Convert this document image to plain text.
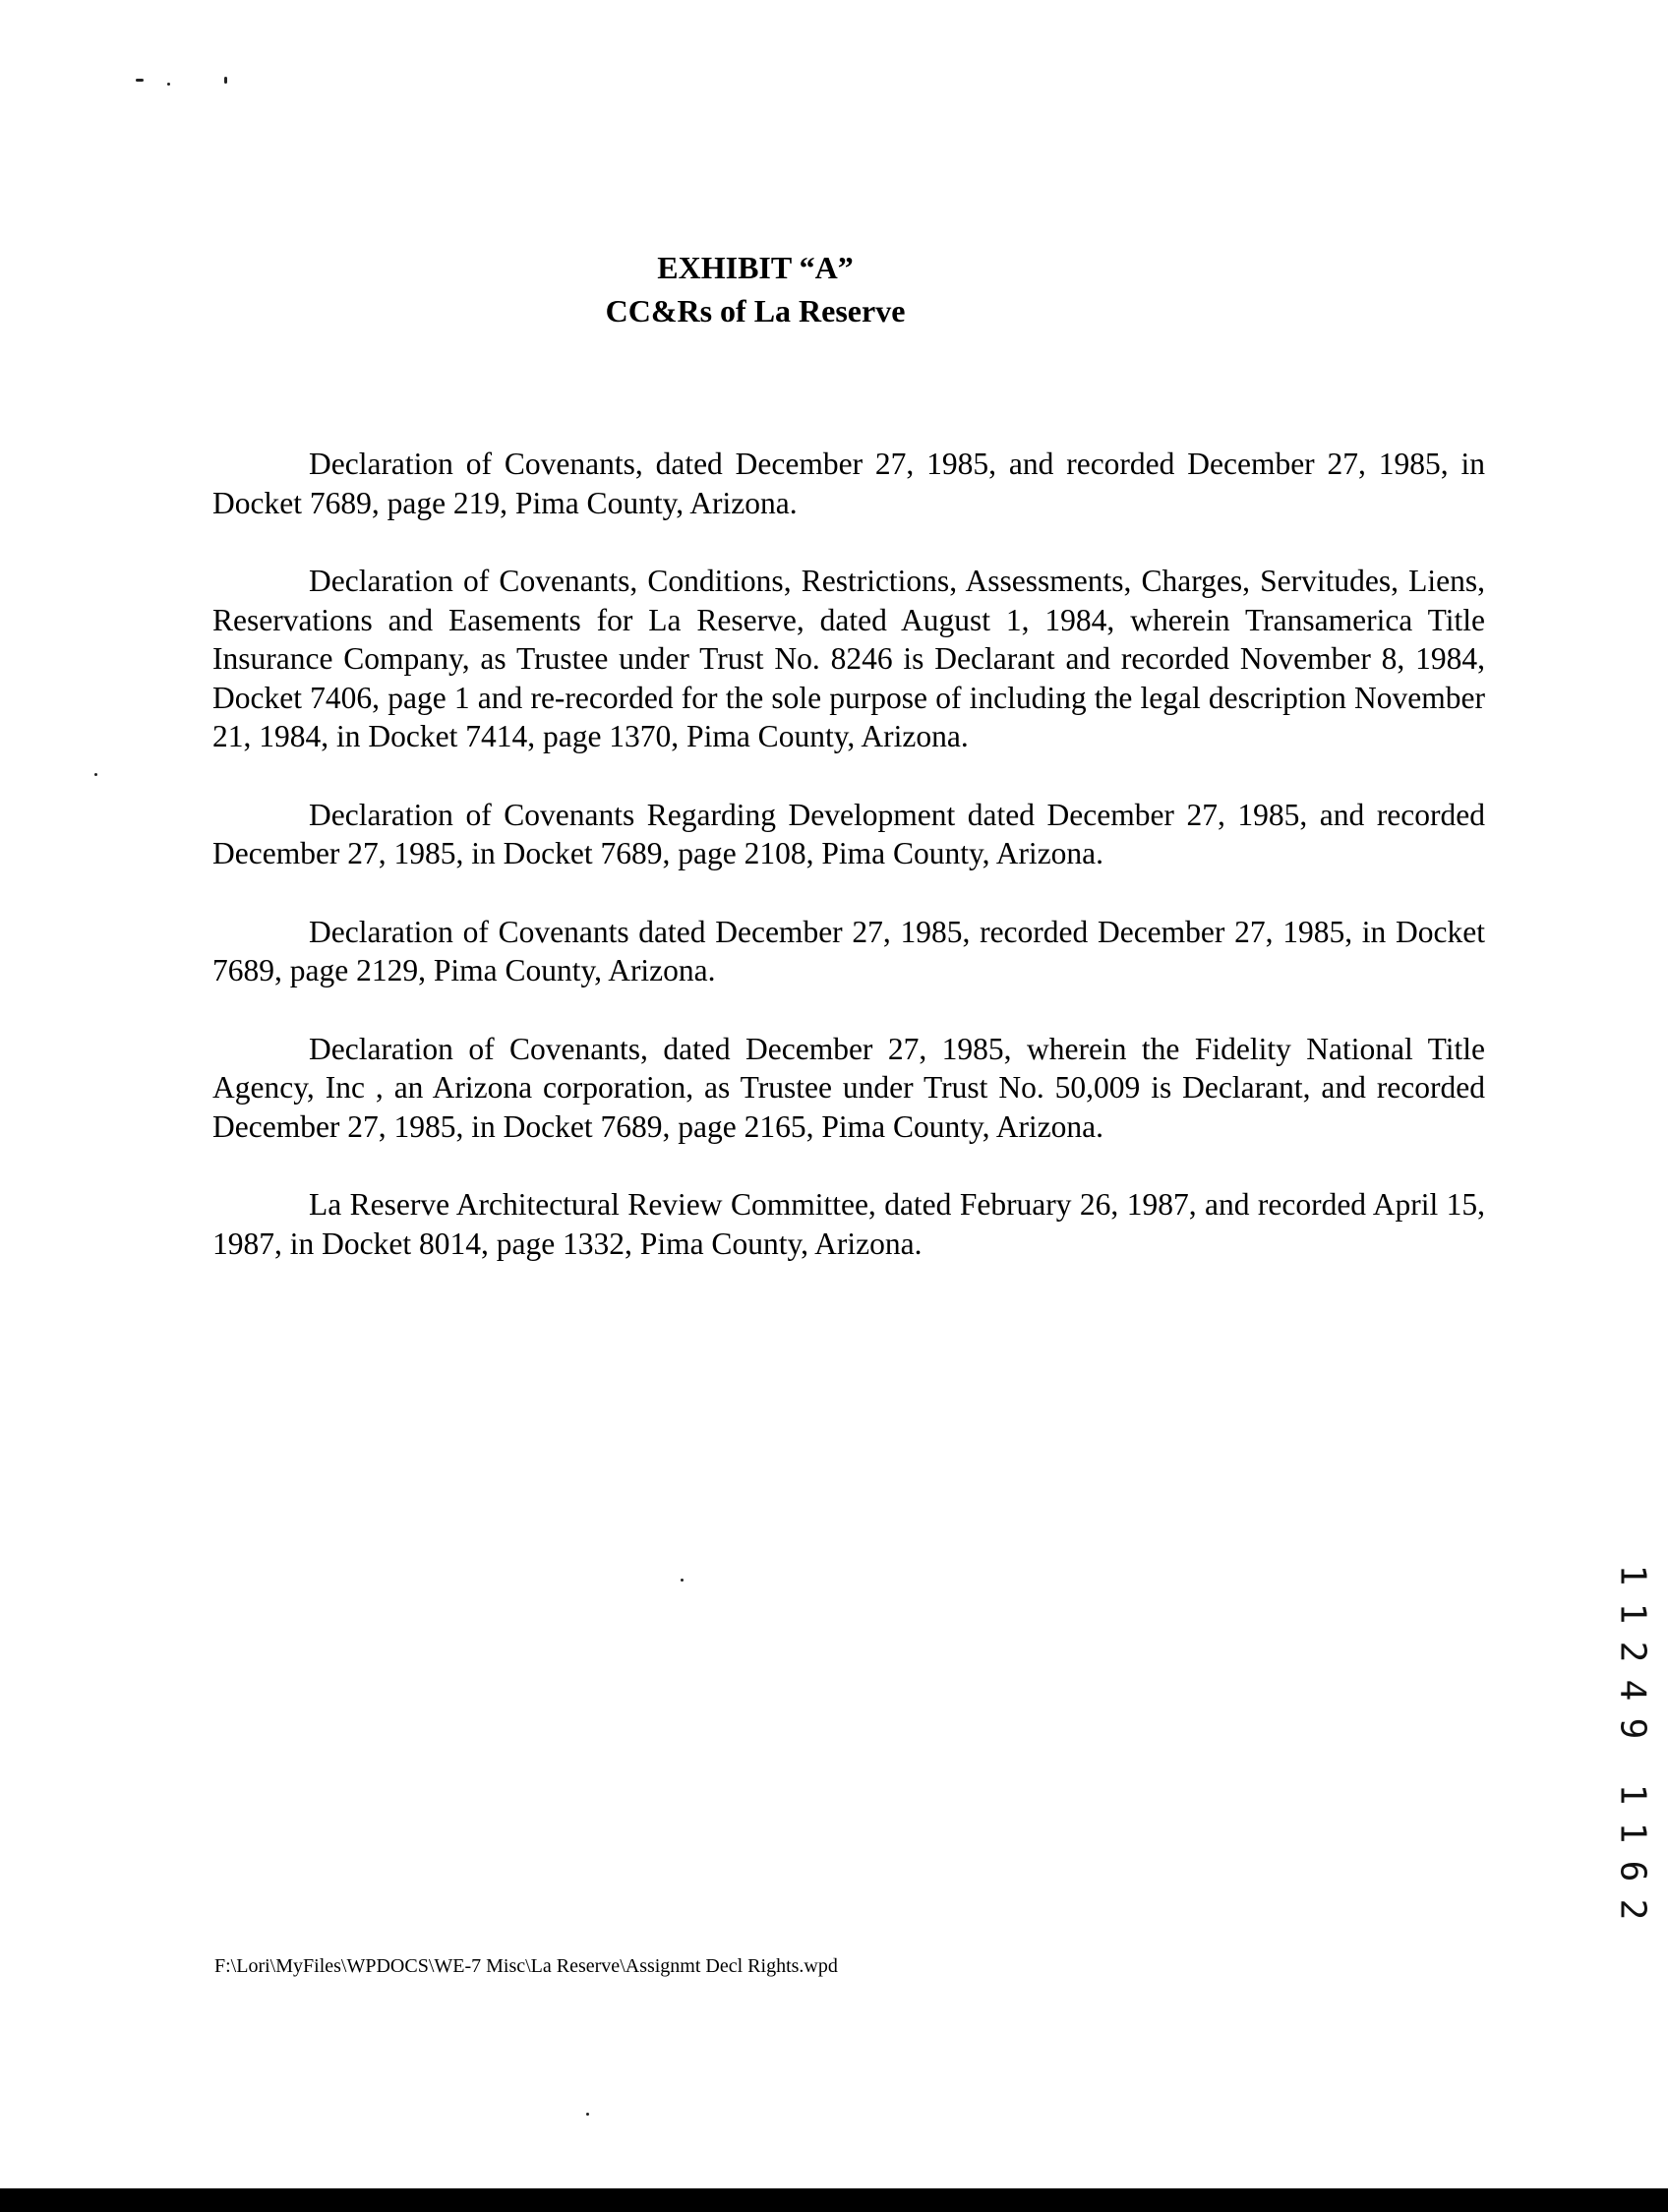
EXHIBIT “A”
CC&Rs of La Reserve

Declaration of Covenants, dated December 27, 1985, and recorded December 27, 1985, in Docket 7689, page 219, Pima County, Arizona.

Declaration of Covenants, Conditions, Restrictions, Assessments, Charges, Servitudes, Liens, Reservations and Easements for La Reserve, dated August 1, 1984, wherein Transamerica Title Insurance Company, as Trustee under Trust No. 8246 is Declarant and recorded November 8, 1984, Docket 7406, page 1 and re-recorded for the sole purpose of including the legal description November 21, 1984, in Docket 7414, page 1370, Pima County, Arizona.

Declaration of Covenants Regarding Development dated December 27, 1985, and recorded December 27, 1985, in Docket 7689, page 2108, Pima County, Arizona.

Declaration of Covenants dated December 27, 1985, recorded December 27, 1985, in Docket 7689, page 2129, Pima County, Arizona.

Declaration of Covenants, dated December 27, 1985, wherein the Fidelity National Title Agency, Inc , an Arizona corporation, as Trustee under Trust No. 50,009 is Declarant, and recorded December 27, 1985, in Docket 7689, page 2165, Pima County, Arizona.

La Reserve Architectural Review Committee, dated February 26, 1987, and recorded April 15, 1987, in Docket 8014, page 1332, Pima County, Arizona.

1
1
2
4
9
1
1
6
2
F:\Lori\MyFiles\WPDOCS\WE-7 Misc\La Reserve\Assignmt Decl Rights.wpd
